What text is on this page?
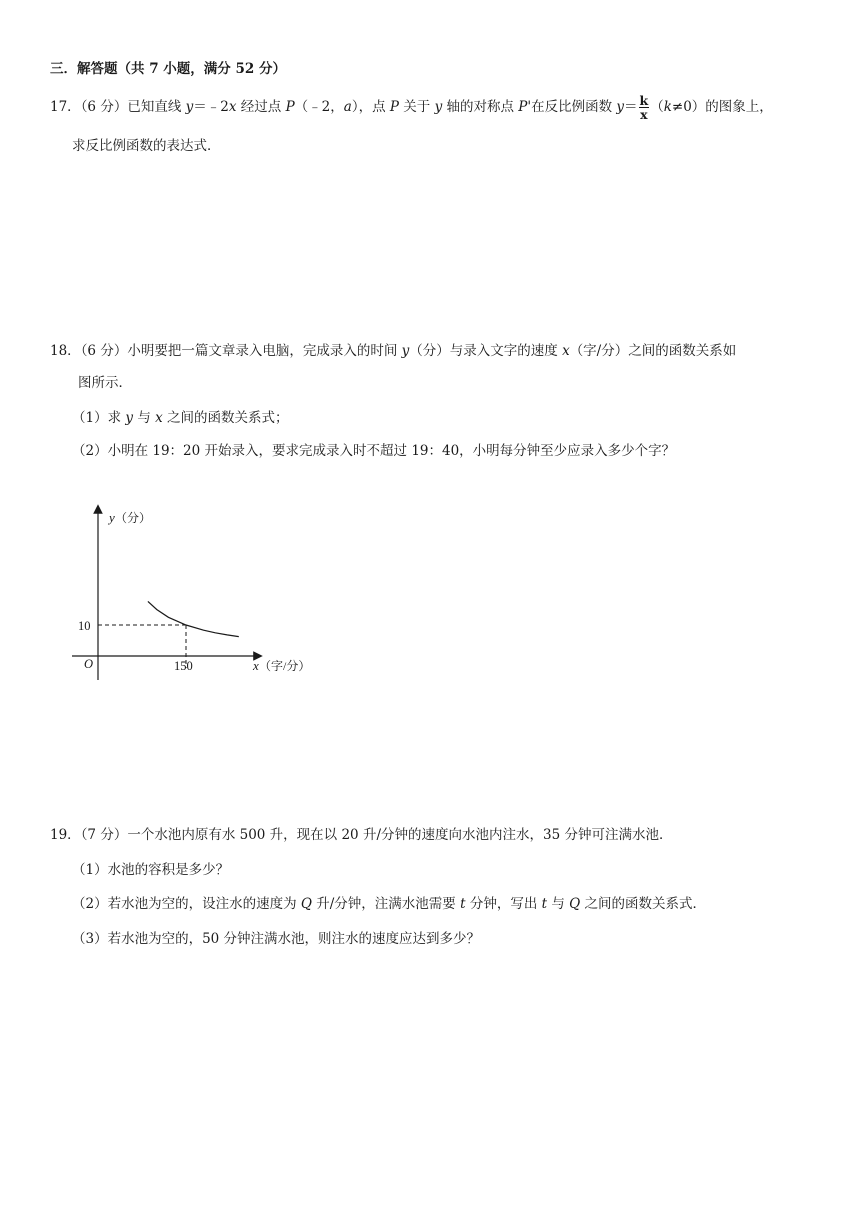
三．解答题（共 7 小题，满分 52 分）
17．（6 分）已知直线 y＝﹣2x 经过点 P（﹣2，a），点 P 关于 y 轴的对称点 P'在反比例函数 $y= \frac{k}{x} (k\ne 0)$的图象上，
求反比例函数的表达式．
18．（6 分）小明要把一篇文章录入电脑，完成录入的时间 y（分）与录入文字的速度 x（字/分）之间的函数关系如
图所示．
（1）求 y 与 x 之间的函数关系式；
（2）小明在 19：20 开始录入，要求完成录入时不超过 19：40，小明每分钟至少应录入多少个字？
y （分）
x （字/分）
O
10
150
19．（7 分）一个水池内原有水 500 升，现在以 20 升/分钟的速度向水池内注水，35 分钟可注满水池．
（1）水池的容积是多少？
（2）若水池为空的，设注水的速度为 Q 升/分钟，注满水池需要 t 分钟，写出 t 与 Q 之间的函数关系式．
（3）若水池为空的，50 分钟注满水池，则注水的速度应达到多少？
